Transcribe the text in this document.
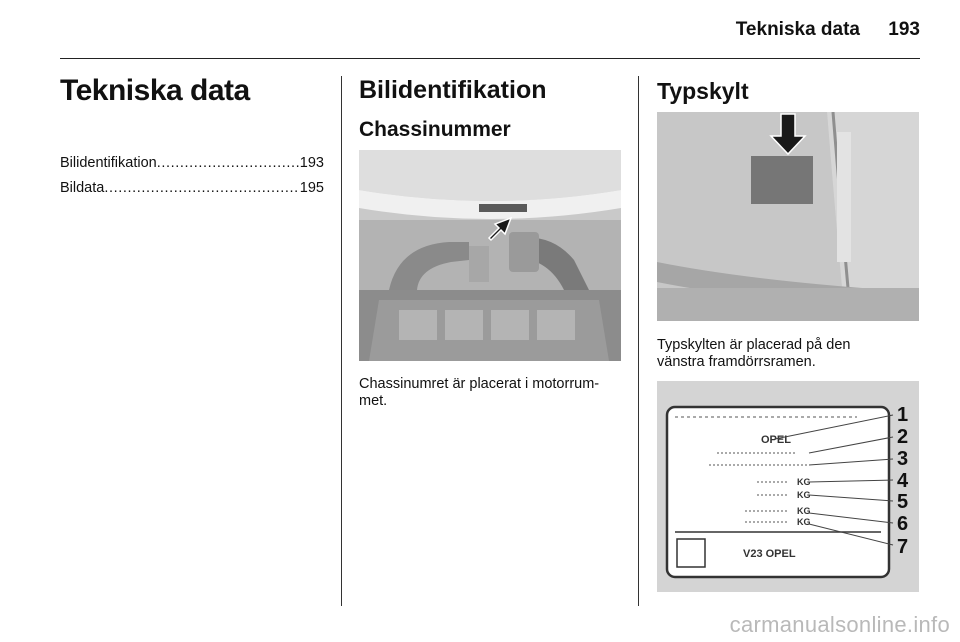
Tekniska data	193
Tekniska data
Bilidentifikation .....	193
Bildata .....	195
Bilidentifikation
Chassinummer
Chassinumret är placerat i motorrum-
met.
Typskylt
Typskylten är placerad på den
vänstra framdörrsramen.
OPEL
KG
KG
KG
KG
V23 OPEL
1
2
3
4
5
6
7
carmanualsonline.info
